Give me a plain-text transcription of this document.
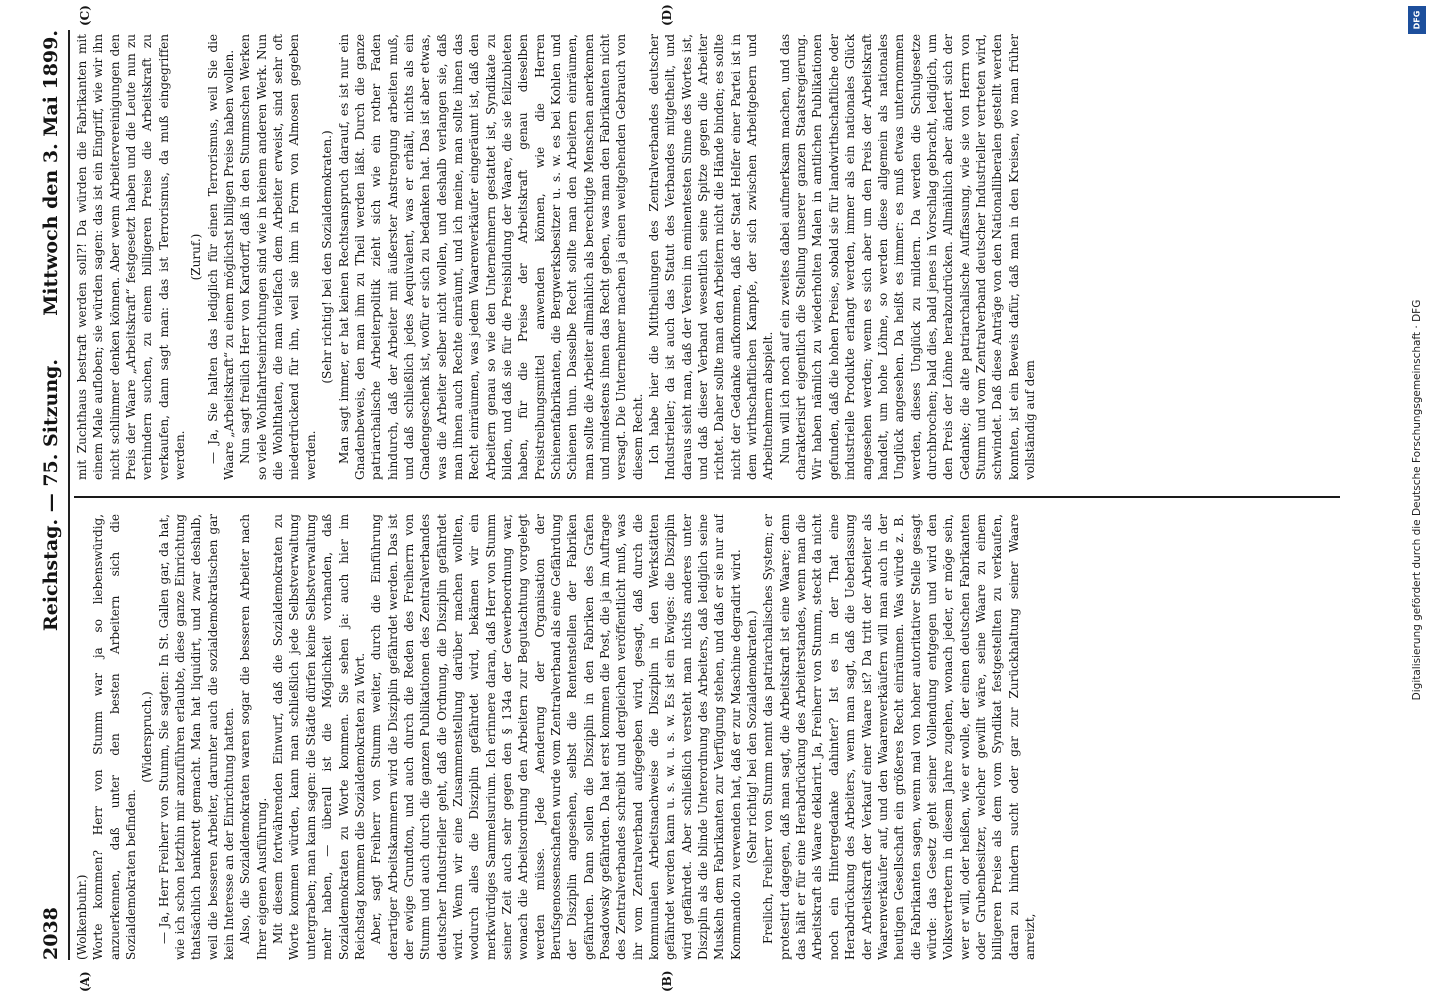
2038
Reichstag. — 75. Sitzung.
Mittwoch den 3. Mai 1899.
(A)	(B)
(C)	(D)

(Wolkenbuhr.) Worte kommen? Herr von Stumm war ja so liebenswürdig, anzuerkennen, daß unter den besten Arbeitern sich die Sozialdemokraten befinden.

(Widerspruch.) — Ja, Herr Freiherr von Stumm, Sie sagten: In St. Gallen gar, da hat, wie ich schon letzthin mir anzuführen erlaubte, diese ganze Einrichtung thatsächlich bankerott gemacht. Man hat liquidirt, und zwar deshalb, weil die besseren Arbeiter, darunter auch die sozialdemokratischen gar kein Interesse an der Einrichtung hatten. Also, die Sozialdemokraten waren sogar die besseren Arbeiter nach Ihrer eigenen Ausführung. Mit diesem fortwährenden Einwurf, daß die Sozialdemokraten zu Worte kommen würden, kann man schließlich jede Selbstverwaltung untergraben; man kann sagen: die Städte dürfen keine Selbstverwaltung mehr haben, — überall ist die Möglichkeit vorhanden, daß Sozialdemokraten zu Worte kommen. Sie sehen ja: auch hier im Reichstag kommen die Sozialdemokraten zu Wort. Aber, sagt Freiherr von Stumm weiter, durch die Einführung derartiger Arbeitskammern wird die Disziplin gefährdet werden. Das ist der ewige Grundton, und auch durch die Reden des Freiherrn von Stumm und auch durch die ganzen Publikationen des Zentralverbandes deutscher Industrieller geht, daß die Ordnung, die Disziplin gefährdet wird. Wenn wir eine Zusammenstellung darüber machen wollten, wodurch alles die Disziplin gefährdet wird, bekämen wir ein merkwürdiges Sammelsurium. Ich erinnere daran, daß Herr von Stumm seiner Zeit auch sehr gegen den § 134a der Gewerbeordnung war, wonach die Arbeitsordnung den Arbeitern zur Begutachtung vorgelegt werden müsse. Jede Aenderung der Organisation der Berufsgenossenschaften wurde vom Zentralverband als eine Gefährdung der Disziplin angesehen, selbst die Rentenstellen der Fabriken gefährden. Dann sollen die Disziplin in den Fabriken des Grafen Posadowsky gefährden. Da hat erst kommen die Post, die ja im Auftrage des Zentralverbandes schreibt und dergleichen veröffentlicht muß, was ihr vom Zentralverband aufgegeben wird, gesagt, daß durch die kommunalen Arbeitsnachweise die Disziplin in den Werkstätten gefährdet werden kann u. s. w. u. s. w. Es ist ein Ewiges: die Disziplin wird gefährdet. Aber schließlich versteht man nichts anderes unter Disziplin als die blinde Unterordnung des Arbeiters, daß lediglich seine Muskeln dem Fabrikanten zur Verfügung stehen, und daß er sie nur auf Kommando zu verwenden hat, daß er zur Maschine degradirt wird. (Sehr richtig! bei den Sozialdemokraten.) Freilich, Freiherr von Stumm nennt das patriarchalisches System; er protestirt dagegen, daß man sagt, die Arbeitskraft ist eine Waare; denn das hält er für eine Herabdrückung des Arbeiterstandes, wenn man die Arbeitskraft als Waare deklarirt. Ja, Freiherr von Stumm, steckt da nicht noch ein Hintergedanke dahinter? Ist es in der That eine Herabdrückung des Arbeiters, wenn man sagt, daß die Ueberlassung der Arbeitskraft der Verkauf einer Waare ist? Da tritt der Arbeiter als Waarenverkäufer auf, und den Waarenverkäufern will man auch in der heutigen Gesellschaft ein größeres Recht einräumen. Was würde z. B. die Fabrikanten sagen, wenn mal von hoher autoritativer Stelle gesagt würde: das Gesetz geht seiner Vollendung entgegen und wird den Volksvertretern in diesem Jahre zugehen, wonach jeder, er möge sein, wer er will, oder heißen, wie er wolle, der einen deutschen Fabrikanten oder Grubenbesitzer, welcher gewillt wäre, seine Waare zu einem billigeren Preise als dem vom Syndikat festgestellten zu verkaufen, daran zu hindern sucht oder gar zur Zurückhaltung seiner Waare anreizt,

mit Zuchthaus bestraft werden soll?! Da würden die Fabrikanten mit einem Male aufloben; sie würden sagen: das ist ein Eingriff, wie wir ihn nicht schlimmer denken können. Aber wenn Arbeitervereinigungen den Preis der Waare „Arbeitskraft“ festgesetzt haben und die Leute nun zu verhindern suchen, zu einem billigeren Preise die Arbeitskraft zu verkaufen, dann sagt man: das ist Terrorismus, da muß eingegriffen werden.

(Zuruf.) — Ja, Sie halten das lediglich für einen Terrorismus, weil Sie die Waare „Arbeitskraft“ zu einem möglichst billigen Preise haben wollen. Nun sagt freilich Herr von Kardorff, daß in den Stummschen Werken so viele Wohlfahrtseinrichtungen sind wie in keinem anderen Werk. Nun die Wohlthaten, die man vielfach dem Arbeiter erweist, sind sehr oft niederdrückend für ihn, weil sie ihm in Form von Almosen gegeben werden.

(Sehr richtig! bei den Sozialdemokraten.) Man sagt immer, er hat keinen Rechtsanspruch darauf, es ist nur ein Gnadenbeweis, den man ihm zu Theil werden läßt. Durch die ganze patriarchalische Arbeiterpolitik zieht sich wie ein rother Faden hindurch, daß der Arbeiter mit äußerster Anstrengung arbeiten muß, und daß schließlich jedes Aequivalent, was er erhält, nichts als ein Gnadengeschenk ist, wofür er sich zu bedanken hat. Das ist aber etwas, was die Arbeiter selber nicht wollen, und deshalb verlangen sie, daß man ihnen auch Rechte einräumt, und ich meine, man sollte ihnen das Recht einräumen, was jedem Waarenverkäufer eingeräumt ist, daß den Arbeitern genau so wie den Unternehmern gestattet ist, Syndikate zu bilden, und daß sie für die Preisbildung der Waare, die sie feilzubieten haben, für die Preise der Arbeitskraft genau dieselben Preistreibungsmittel anwenden können, wie die Herren Schienenfabrikanten, die Bergwerksbesitzer u. s. w. es bei Kohlen und Schienen thun. Dasselbe Recht sollte man den Arbeitern einräumen, man sollte die Arbeiter allmählich als berechtigte Menschen anerkennen und mindestens ihnen das Recht geben, was man den Fabrikanten nicht versagt. Die Unternehmer machen ja einen weitgehenden Gebrauch von diesem Recht. Ich habe hier die Mittheilungen des Zentralverbandes deutscher Industrieller; da ist auch das Statut des Verbandes mitgetheilt, und daraus sieht man, daß der Verein im eminentesten Sinne des Wortes ist, und daß dieser Verband wesentlich seine Spitze gegen die Arbeiter richtet. Daher sollte man den Arbeitern nicht die Hände binden; es sollte nicht der Gedanke aufkommen, daß der Staat Helfer einer Partei ist in dem wirthschaftlichen Kampfe, der sich zwischen Arbeitgebern und Arbeitnehmern abspielt. Nun will ich noch auf ein zweites dabei aufmerksam machen, und das charakterisirt eigentlich die Stellung unserer ganzen Staatsregierung. Wir haben nämlich zu wiederholten Malen in amtlichen Publikationen gefunden, daß die hohen Preise, sobald sie für landwirthschaftliche oder industrielle Produkte erlangt werden, immer als ein nationales Glück angesehen werden; wenn es sich aber um den Preis der Arbeitskraft handelt, um hohe Löhne, so werden diese allgemein als nationales Unglück angesehen. Da heißt es immer: es muß etwas unternommen werden, dieses Unglück zu mildern. Da werden die Schulgesetze durchbrochen; bald dies, bald jenes in Vorschlag gebracht, lediglich, um den Preis der Löhne herabzudrücken. Allmählich aber ändert sich der Gedanke; die alte patriarchalische Auffassung, wie sie von Herrn von Stumm und vom Zentralverband deutscher Industrieller vertreten wird, schwindet. Daß diese Anträge von den Nationalliberalen gestellt werden konnten, ist ein Beweis dafür, daß man in den Kreisen, wo man früher vollständig auf dem

DFG
Digitalisierung gefördert durch die Deutsche Forschungsgemeinschaft · DFG
